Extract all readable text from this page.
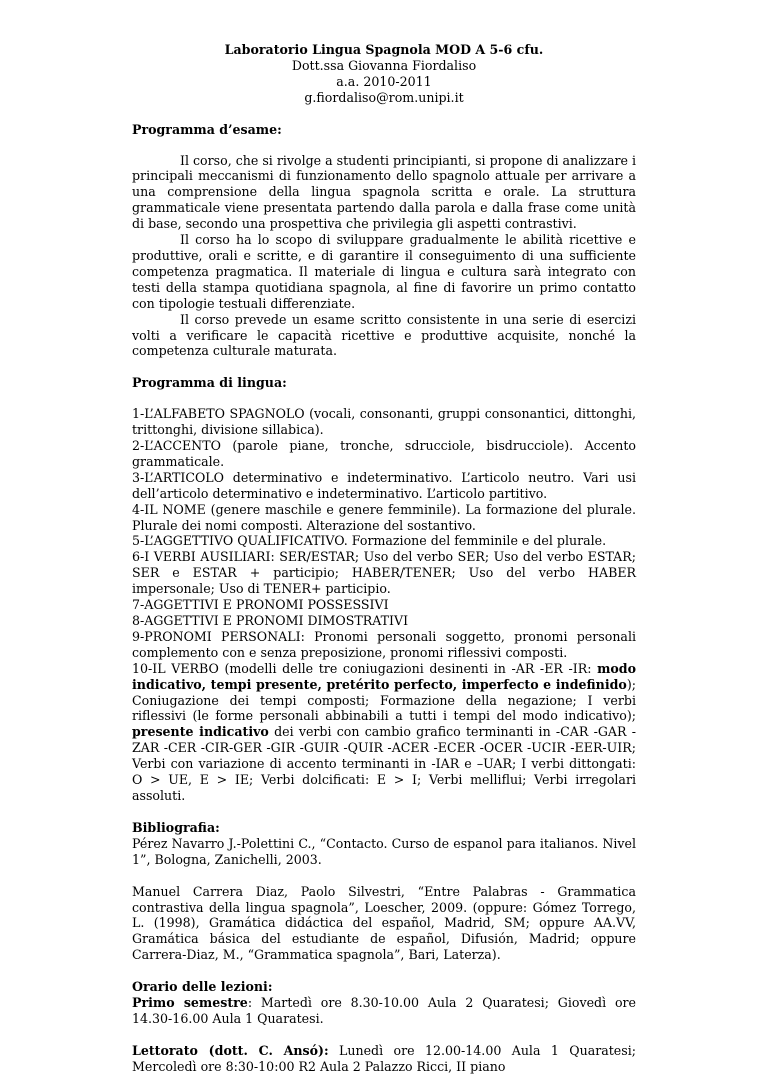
Laboratorio Lingua Spagnola MOD A 5-6 cfu.
Dott.ssa Giovanna Fiordaliso
a.a. 2010-2011
g.fiordaliso@rom.unipi.it
Programma d’esame:
Il corso, che si rivolge a studenti principianti, si propone di analizzare i principali meccanismi di funzionamento dello spagnolo attuale per arrivare a una comprensione della lingua spagnola scritta e orale. La struttura grammaticale viene presentata partendo dalla parola e dalla frase come unità di base, secondo una prospettiva che privilegia gli aspetti contrastivi.
Il corso ha lo scopo di sviluppare gradualmente le abilità ricettive e produttive, orali e scritte, e di garantire il conseguimento di una sufficiente competenza pragmatica. Il materiale di lingua e cultura sarà integrato con testi della stampa quotidiana spagnola, al fine di favorire un primo contatto con tipologie testuali differenziate.
Il corso prevede un esame scritto consistente in una serie di esercizi volti a verificare le capacità ricettive e produttive acquisite, nonché la competenza culturale maturata.
Programma di lingua:
1-L’ALFABETO SPAGNOLO (vocali, consonanti, gruppi consonantici, dittonghi, trittonghi, divisione sillabica).
2-L’ACCENTO (parole piane, tronche, sdrucciole, bisdrucciole). Accento grammaticale.
3-L’ARTICOLO determinativo e indeterminativo. L’articolo neutro. Vari usi dell’articolo determinativo e indeterminativo. L’articolo partitivo.
4-IL NOME (genere maschile e genere femminile). La formazione del plurale. Plurale dei nomi composti. Alterazione del sostantivo.
5-L’AGGETTIVO QUALIFICATIVO. Formazione del femminile e del plurale.
6-I VERBI AUSILIARI: SER/ESTAR; Uso del verbo SER; Uso del verbo ESTAR; SER e ESTAR + participio; HABER/TENER; Uso del verbo HABER impersonale; Uso di TENER+ participio.
7-AGGETTIVI E PRONOMI POSSESSIVI
8-AGGETTIVI E PRONOMI DIMOSTRATIVI
9-PRONOMI PERSONALI: Pronomi personali soggetto, pronomi personali complemento con e senza preposizione, pronomi riflessivi composti.
10-IL VERBO (modelli delle tre coniugazioni desinenti in -AR -ER -IR: modo indicativo, tempi presente, pretérito perfecto, imperfecto e indefinido); Coniugazione dei tempi composti; Formazione della negazione; I verbi riflessivi (le forme personali abbinabili a tutti i tempi del modo indicativo); presente indicativo dei verbi con cambio grafico terminanti in -CAR -GAR -ZAR -CER -CIR-GER -GIR -GUIR -QUIR -ACER -ECER -OCER -UCIR -EER-UIR; Verbi con variazione di accento terminanti in -IAR e –UAR; I verbi dittongati: O > UE, E > IE; Verbi dolcificati: E > I; Verbi melliflui; Verbi irregolari assoluti.
Bibliografia:
Pérez Navarro J.-Polettini C., “Contacto. Curso de espanol para italianos. Nivel 1”, Bologna, Zanichelli, 2003.
Manuel Carrera Diaz, Paolo Silvestri, “Entre Palabras - Grammatica contrastiva della lingua spagnola”, Loescher, 2009. (oppure: Gómez Torrego, L. (1998), Gramática didáctica del español, Madrid, SM; oppure AA.VV, Gramática básica del estudiante de español, Difusión, Madrid; oppure Carrera-Diaz, M., “Grammatica spagnola”, Bari, Laterza).
Orario delle lezioni:
Primo semestre: Martedì ore 8.30-10.00 Aula 2 Quaratesi; Giovedì ore 14.30-16.00 Aula 1 Quaratesi.
Lettorato (dott. C. Ansó): Lunedì ore 12.00-14.00 Aula 1 Quaratesi; Mercoledì ore 8:30-10:00 R2 Aula 2 Palazzo Ricci, II piano
